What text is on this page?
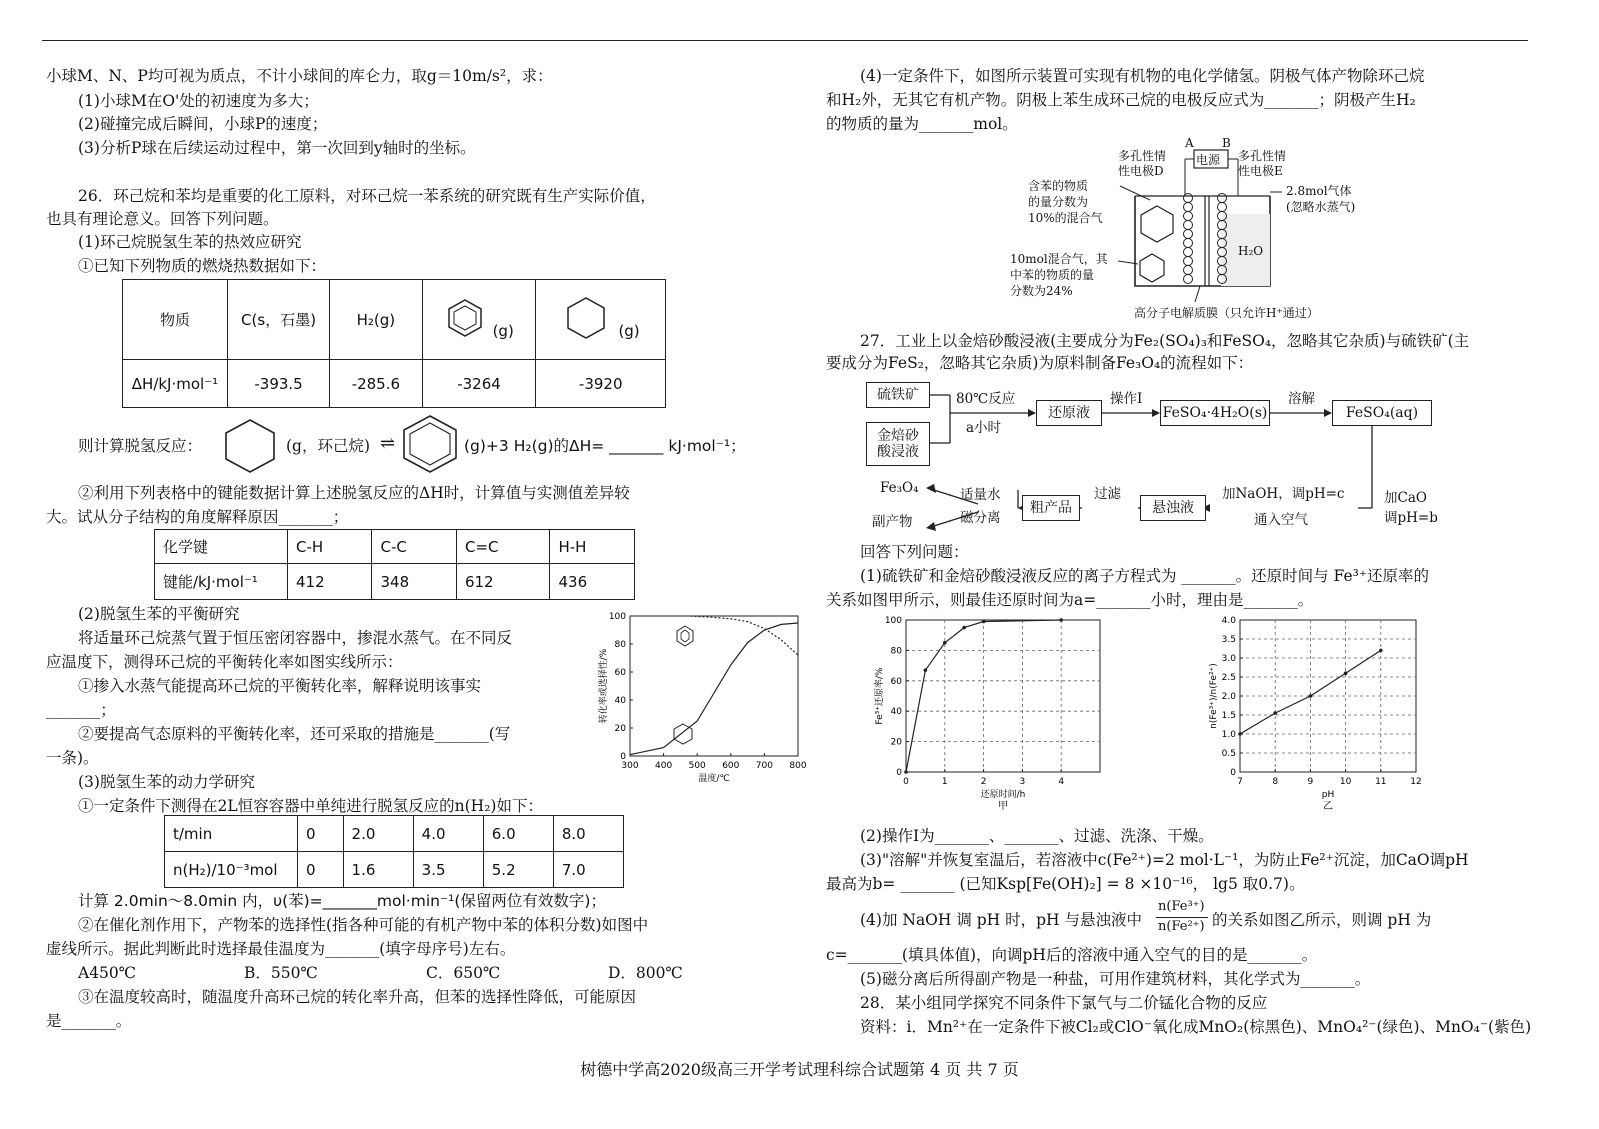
小球M、N、P均可视为质点，不计小球间的库仑力，取g＝10m/s²，求：
(1)小球M在O'处的初速度为多大；
(2)碰撞完成后瞬间，小球P的速度；
(3)分析P球在后续运动过程中，第一次回到y轴时的坐标。
26．环己烷和苯均是重要的化工原料，对环己烷一苯系统的研究既有生产实际价值，
也具有理论意义。回答下列问题。
(1)环己烷脱氢生苯的热效应研究
①已知下列物质的燃烧热数据如下：
物质	C(s，石墨)	H₂(g)	(g)	(g)

ΔH/kJ·mol⁻¹	-393.5	-285.6	-3264	-3920
则计算脱氢反应：	(g，环己烷) ⇌	(g)+3 H₂(g)的ΔH= _______ kJ·mol⁻¹；
②利用下列表格中的键能数据计算上述脱氢反应的ΔH时，计算值与实测值差异较
大。试从分子结构的角度解释原因_______；
化学键	C-H	C-C	C=C	H-H
键能/kJ·mol⁻¹	412	348	612	436
(2)脱氢生苯的平衡研究
将适量环己烷蒸气置于恒压密闭容器中，掺混水蒸气。在不同反
应温度下，测得环己烷的平衡转化率如图实线所示：
①掺入水蒸气能提高环己烷的平衡转化率，解释说明该事实
_______；
②要提高气态原料的平衡转化率，还可采取的措施是_______(写
一条)。
(3)脱氢生苯的动力学研究
①一定条件下测得在2L恒容容器中单纯进行脱氢反应的n(H₂)如下：
300 400 500 600 700 800
0
20
40
60
80
100
温度/℃
转化率或选择性/%
t/min	0	2.0	4.0	6.0	8.0
n(H₂)/10⁻³mol	0	1.6	3.5	5.2	7.0
计算 2.0min～8.0min 内，υ(苯)=_______mol·min⁻¹(保留两位有效数字)；
②在催化剂作用下，产物苯的选择性(指各种可能的有机产物中苯的体积分数)如图中
虚线所示。据此判断此时选择最佳温度为_______(填字母序号)左右。
A450℃	B．550℃	C．650℃	D．800℃
③在温度较高时，随温度升高环己烷的转化率升高，但苯的选择性降低，可能原因
是_______。
(4)一定条件下，如图所示装置可实现有机物的电化学储氢。阴极气体产物除环己烷
和H₂外，无其它有机产物。阴极上苯生成环己烷的电极反应式为_______；阴极产生H₂
的物质的量为_______mol。
A B
电源
多孔性情
性电极D
多孔性情
性电极E
含苯的物质
的量分数为
10%的混合气
2.8mol气体
(忽略水蒸气)
10mol混合气，其
中苯的物质的量
分数为24%
H₂O
高分子电解质膜（只允许H⁺通过）
27．工业上以金焙砂酸浸液(主要成分为Fe₂(SO₄)₃和FeSO₄，忽略其它杂质)与硫铁矿(主
要成分为FeS₂，忽略其它杂质)为原料制备Fe₃O₄的流程如下：
硫铁矿
金焙砂
酸浸液
80℃反应
a小时
还原液
操作I
FeSO₄·4H₂O(s)
溶解
FeSO₄(aq)
加CaO
调pH=b
悬浊液
加NaOH，调pH=c
通入空气
过滤
粗产品
适量水
磁分离
Fe₃O₄
副产物
回答下列问题：
(1)硫铁矿和金焙砂酸浸液反应的离子方程式为 _______。还原时间与 Fe³⁺还原率的
关系如图甲所示，则最佳还原时间为a=_______小时，理由是_______。
0	1	2	3	4
0
20
40
60
80
100
还原时间/h
Fe³⁺还原率/%
甲
7	8	9	10	11	12
0
0.5
1.0
1.5
2.0
2.5
3.0
3.5
4.0
pH
n(Fe³⁺)/n(Fe²⁺)
乙
(2)操作I为_______、_______、过滤、洗涤、干燥。
(3)"溶解"并恢复室温后，若溶液中c(Fe²⁺)=2 mol·L⁻¹，为防止Fe²⁺沉淀，加CaO调pH
最高为b= _______ (已知Ksp[Fe(OH)₂] = 8 ×10⁻¹⁶， lg5 取0.7)。
(4)加 NaOH 调 pH 时，pH 与悬浊液中
n(Fe³⁺)
n(Fe²⁺) 的关系如图乙所示，则调 pH 为
c=_______(填具体值)，向调pH后的溶液中通入空气的目的是_______。
(5)磁分离后所得副产物是一种盐，可用作建筑材料，其化学式为_______。
28．某小组同学探究不同条件下氯气与二价锰化合物的反应
资料：i．Mn²⁺在一定条件下被Cl₂或ClO⁻氧化成MnO₂(棕黑色)、MnO₄²⁻(绿色)、MnO₄⁻(紫色)
树德中学高2020级高三开学考试理科综合试题第 4 页 共 7 页
